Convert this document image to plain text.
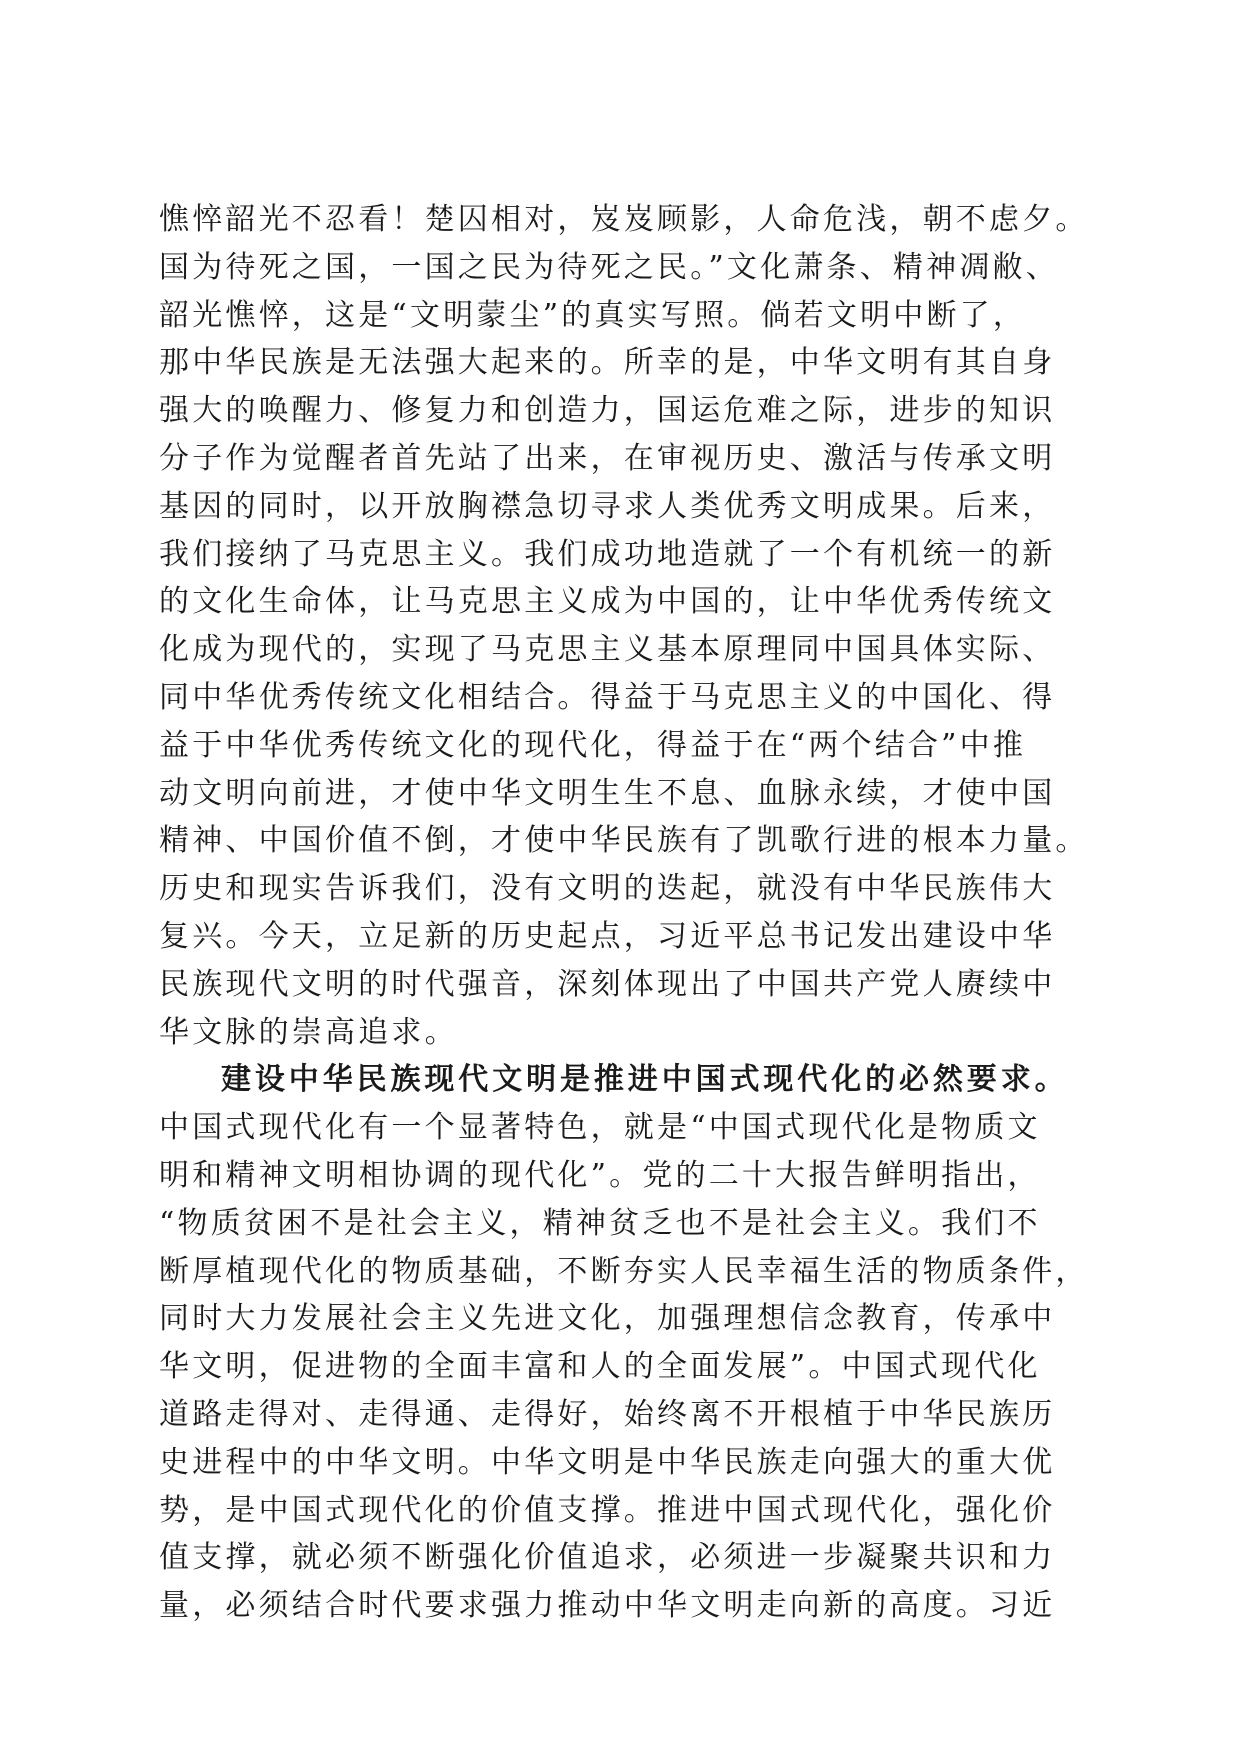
憔悴韶光不忍看！楚囚相对，岌岌顾影，人命危浅，朝不虑夕。
国为待死之国，一国之民为待死之民。”文化萧条、精神凋敝、
韶光憔悴，这是“文明蒙尘”的真实写照。倘若文明中断了，
那中华民族是无法强大起来的。所幸的是，中华文明有其自身
强大的唤醒力、修复力和创造力，国运危难之际，进步的知识
分子作为觉醒者首先站了出来，在审视历史、激活与传承文明
基因的同时，以开放胸襟急切寻求人类优秀文明成果。后来，
我们接纳了马克思主义。我们成功地造就了一个有机统一的新
的文化生命体，让马克思主义成为中国的，让中华优秀传统文
化成为现代的，实现了马克思主义基本原理同中国具体实际、
同中华优秀传统文化相结合。得益于马克思主义的中国化、得
益于中华优秀传统文化的现代化，得益于在“两个结合”中推
动文明向前进，才使中华文明生生不息、血脉永续，才使中国
精神、中国价值不倒，才使中华民族有了凯歌行进的根本力量。
历史和现实告诉我们，没有文明的迭起，就没有中华民族伟大
复兴。今天，立足新的历史起点，习近平总书记发出建设中华
民族现代文明的时代强音，深刻体现出了中国共产党人赓续中
华文脉的崇高追求。
建设中华民族现代文明是推进中国式现代化的必然要求。
中国式现代化有一个显著特色，就是“中国式现代化是物质文
明和精神文明相协调的现代化”。党的二十大报告鲜明指出，
“物质贫困不是社会主义，精神贫乏也不是社会主义。我们不
断厚植现代化的物质基础，不断夯实人民幸福生活的物质条件，
同时大力发展社会主义先进文化，加强理想信念教育，传承中
华文明，促进物的全面丰富和人的全面发展”。中国式现代化
道路走得对、走得通、走得好，始终离不开根植于中华民族历
史进程中的中华文明。中华文明是中华民族走向强大的重大优
势，是中国式现代化的价值支撑。推进中国式现代化，强化价
值支撑，就必须不断强化价值追求，必须进一步凝聚共识和力
量，必须结合时代要求强力推动中华文明走向新的高度。习近
